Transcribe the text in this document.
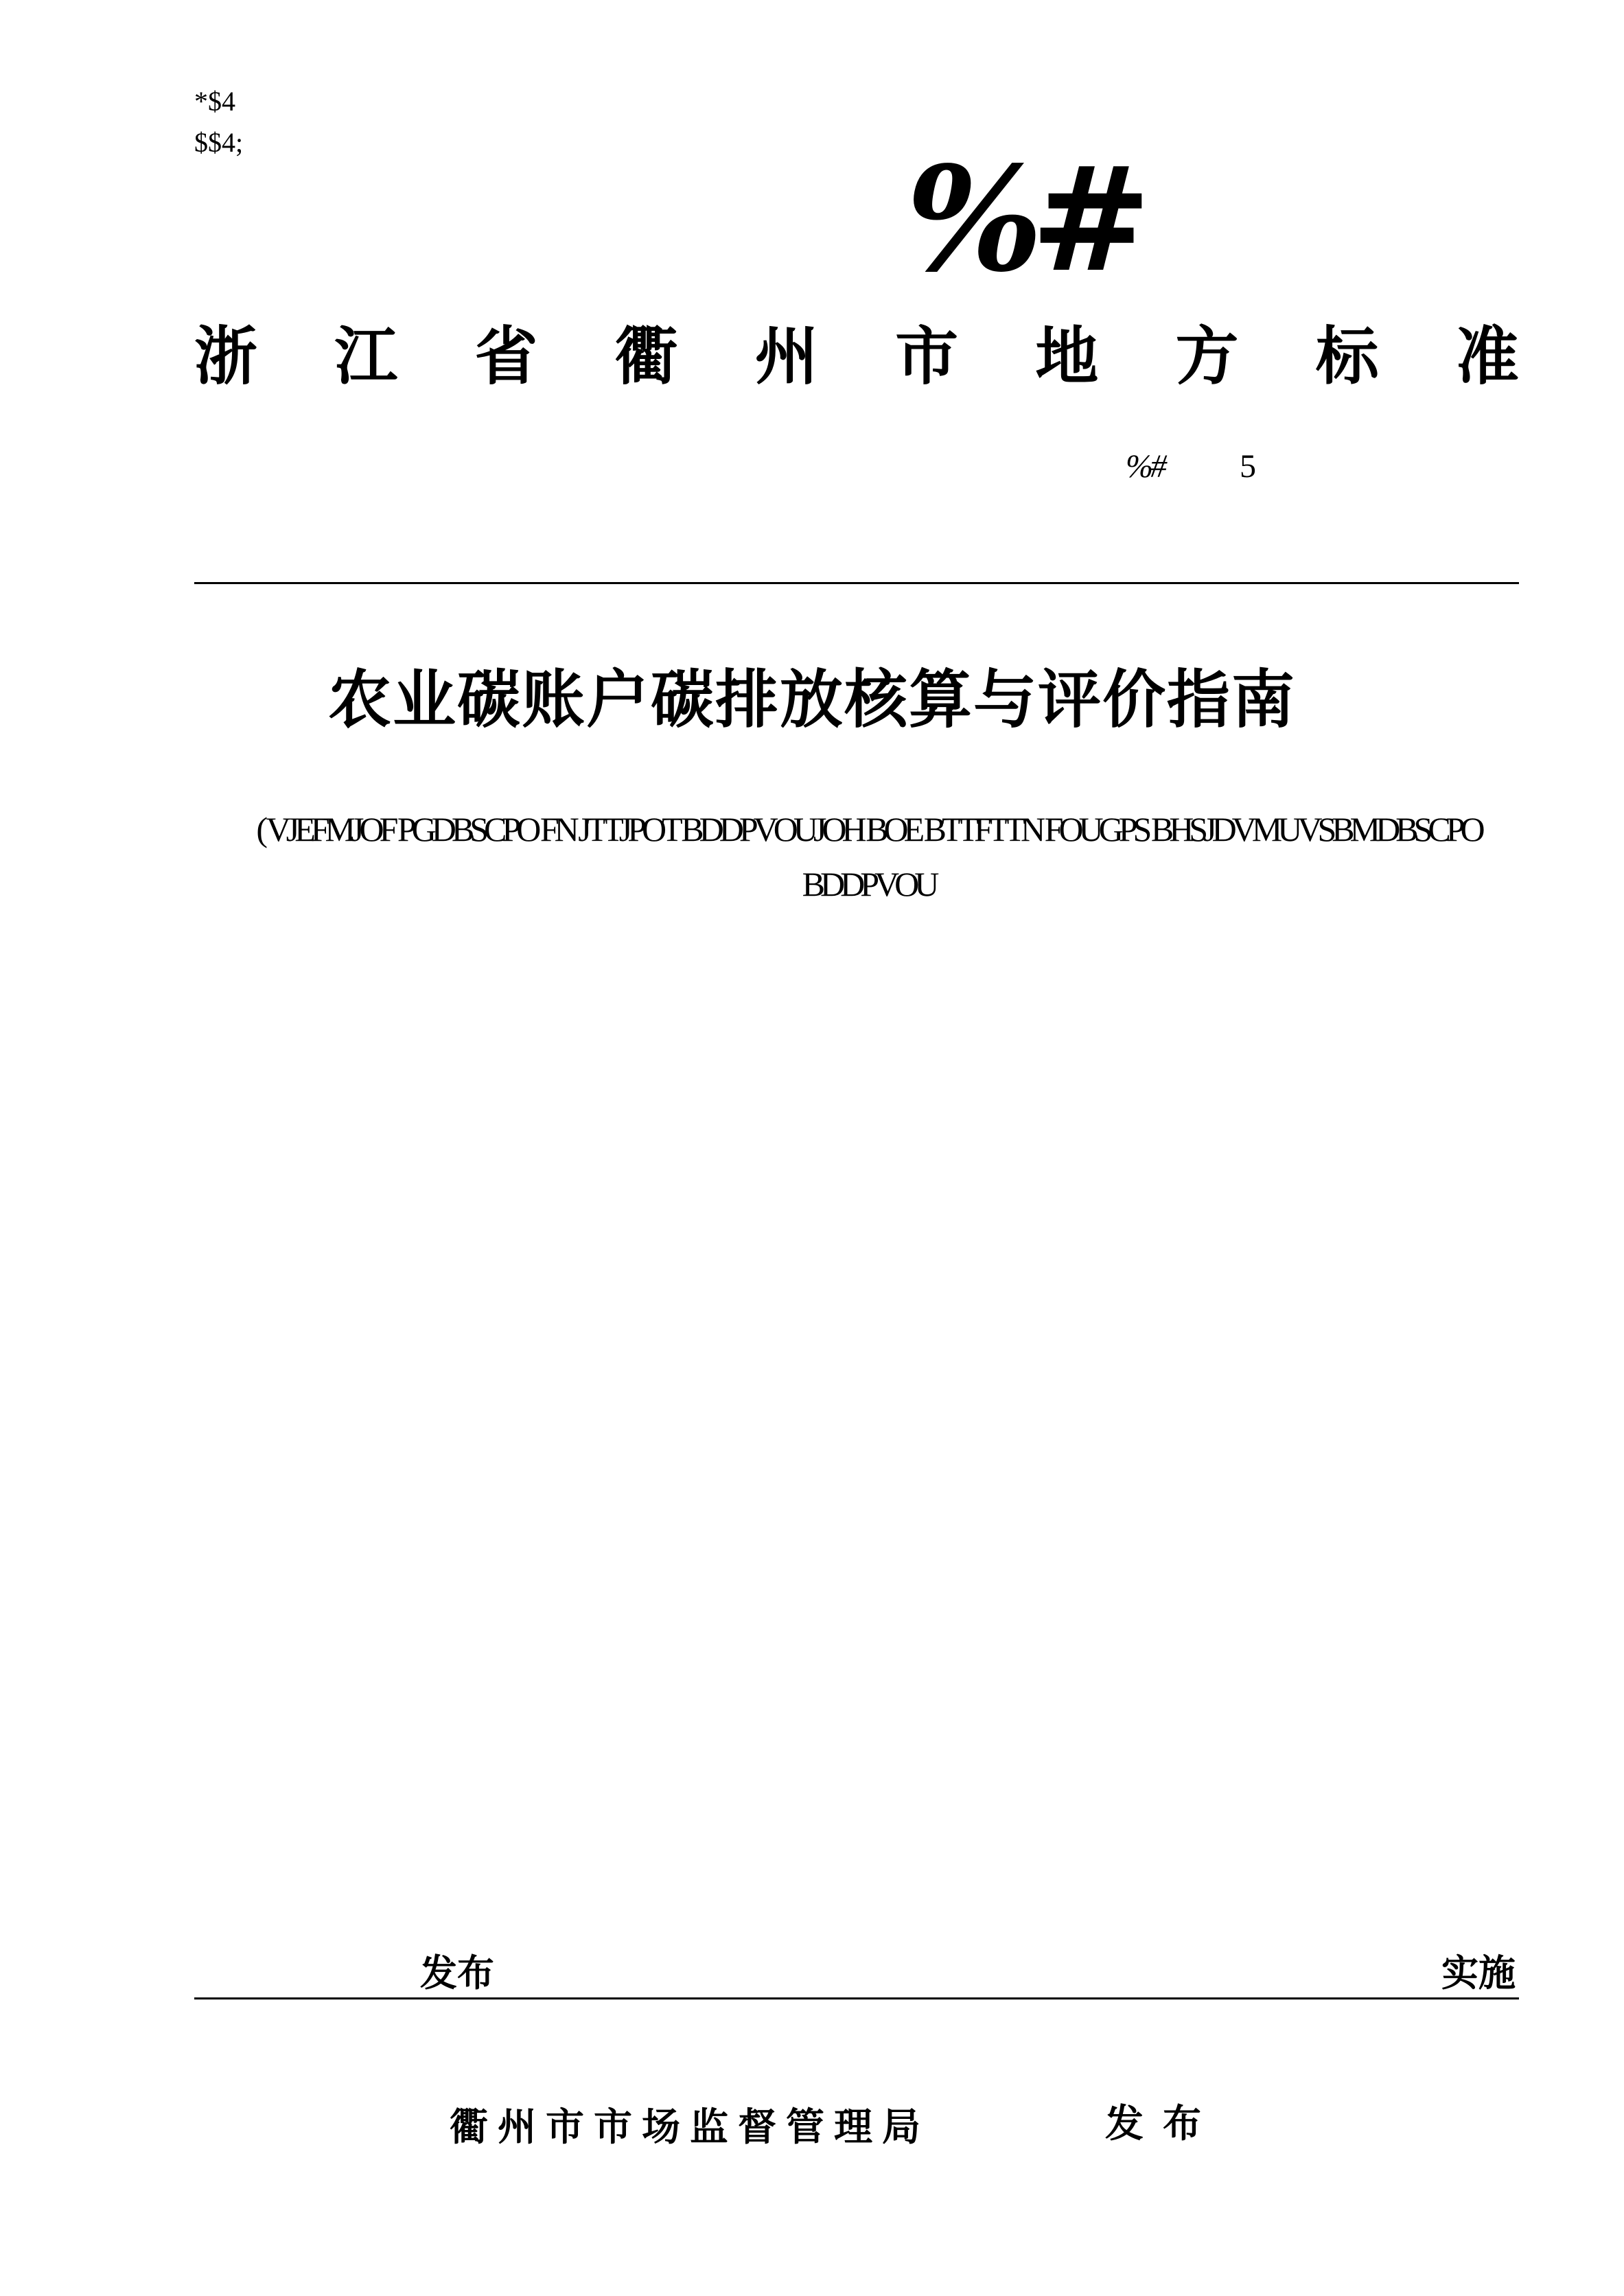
*$4
$$4;	%#
浙 江 省 衢 州 市 地 方 标 准
%# 5
农业碳账户碳排放核算与评价指南
( VJEFMJOF PGDBSCPO FN JTTJPOT BDDPVOUJOH BOE BTTFTTN FOUGPS BHSJDVMUVSBMDBSCPO
BDDPVOU
发布	实施
衢州市市场监督管理局	发布
